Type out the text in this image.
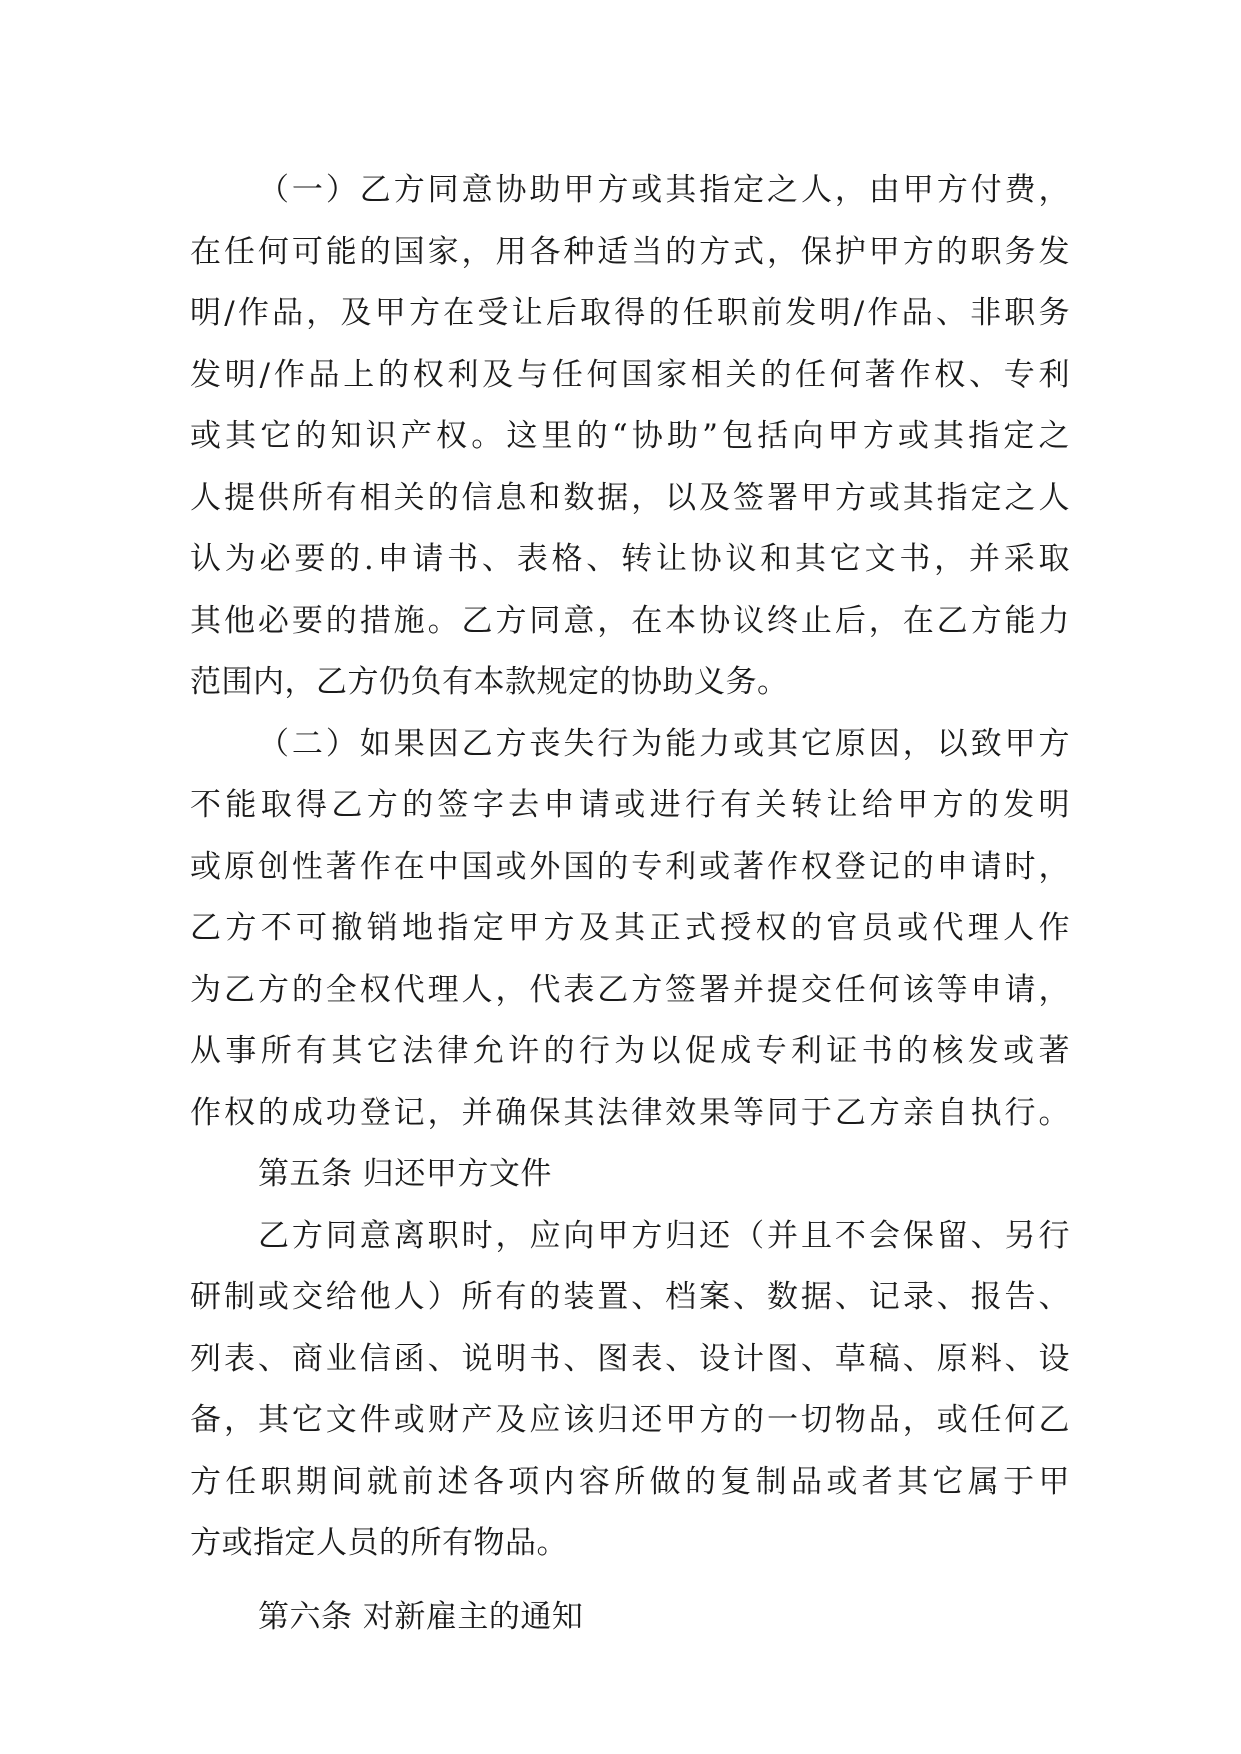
（一）乙方同意协助甲方或其指定之人，由甲方付费，
在任何可能的国家，用各种适当的方式，保护甲方的职务发
明/作品，及甲方在受让后取得的任职前发明/作品、非职务
发明/作品上的权利及与任何国家相关的任何著作权、专利
或其它的知识产权。这里的“协助”包括向甲方或其指定之
人提供所有相关的信息和数据，以及签署甲方或其指定之人
认为必要的.申请书、表格、转让协议和其它文书，并采取
其他必要的措施。乙方同意，在本协议终止后，在乙方能力
范围内，乙方仍负有本款规定的协助义务。
（二）如果因乙方丧失行为能力或其它原因，以致甲方
不能取得乙方的签字去申请或进行有关转让给甲方的发明
或原创性著作在中国或外国的专利或著作权登记的申请时，
乙方不可撤销地指定甲方及其正式授权的官员或代理人作
为乙方的全权代理人，代表乙方签署并提交任何该等申请，
从事所有其它法律允许的行为以促成专利证书的核发或著
作权的成功登记，并确保其法律效果等同于乙方亲自执行。
第五条 归还甲方文件
乙方同意离职时，应向甲方归还（并且不会保留、另行
研制或交给他人）所有的装置、档案、数据、记录、报告、
列表、商业信函、说明书、图表、设计图、草稿、原料、设
备，其它文件或财产及应该归还甲方的一切物品，或任何乙
方任职期间就前述各项内容所做的复制品或者其它属于甲
方或指定人员的所有物品。
第六条 对新雇主的通知
